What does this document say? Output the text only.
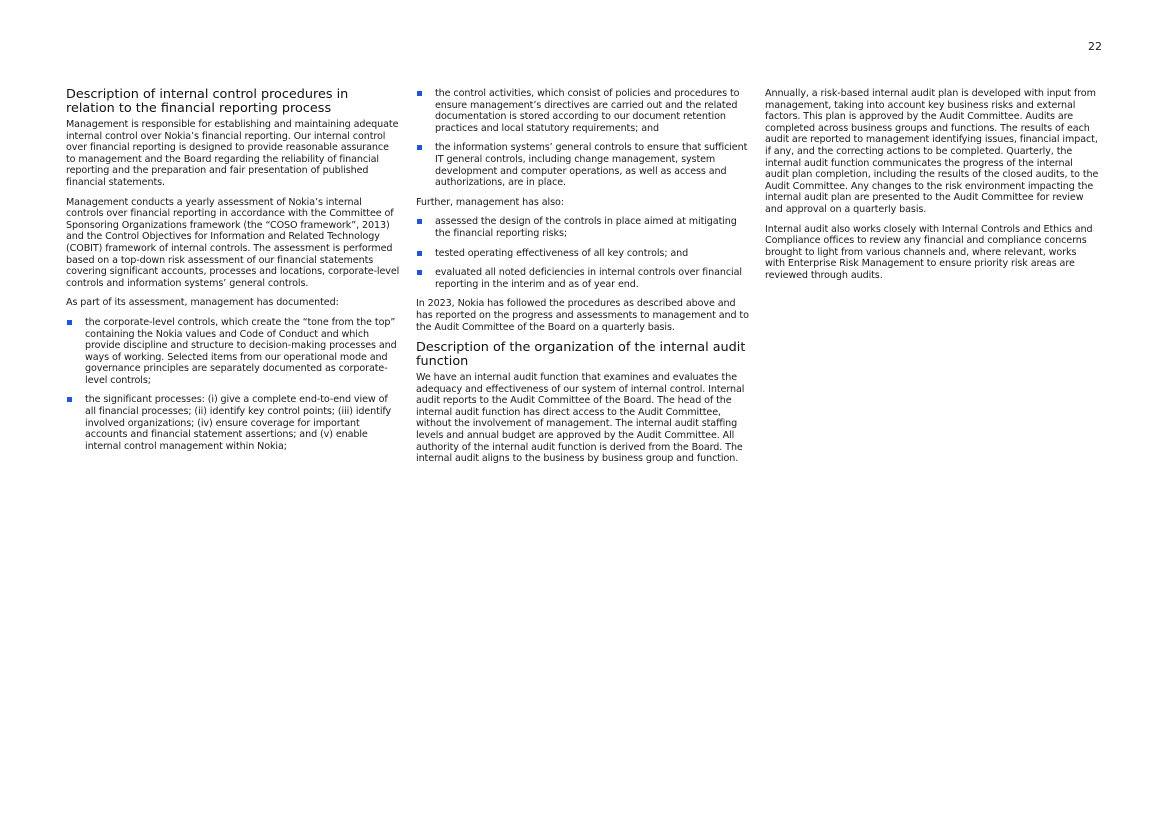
22
Description of internal control procedures in relation to the financial reporting process

Management is responsible for establishing and maintaining adequate internal control over Nokia’s financial reporting. Our internal control over financial reporting is designed to provide reasonable assurance to management and the Board regarding the reliability of financial reporting and the preparation and fair presentation of published financial statements.

Management conducts a yearly assessment of Nokia’s internal controls over financial reporting in accordance with the Committee of Sponsoring Organizations framework (the “COSO framework”, 2013) and the Control Objectives for Information and Related Technology (COBIT) framework of internal controls. The assessment is performed based on a top-down risk assessment of our financial statements covering significant accounts, processes and locations, corporate-level controls and information systems’ general controls.

As part of its assessment, management has documented:

the corporate-level controls, which create the “tone from the top” containing the Nokia values and Code of Conduct and which provide discipline and structure to decision-making processes and ways of working. Selected items from our operational mode and governance principles are separately documented as corporate-level controls;
the significant processes: (i) give a complete end-to-end view of all financial processes; (ii) identify key control points; (iii) identify involved organizations; (iv) ensure coverage for important accounts and financial statement assertions; and (v) enable internal control management within Nokia;
the control activities, which consist of policies and procedures to ensure management’s directives are carried out and the related documentation is stored according to our document retention practices and local statutory requirements; and
the information systems’ general controls to ensure that sufficient IT general controls, including change management, system development and computer operations, as well as access and authorizations, are in place.

Further, management has also:

assessed the design of the controls in place aimed at mitigating the financial reporting risks;
tested operating effectiveness of all key controls; and
evaluated all noted deficiencies in internal controls over financial reporting in the interim and as of year end.

In 2023, Nokia has followed the procedures as described above and has reported on the progress and assessments to management and to the Audit Committee of the Board on a quarterly basis.

Description of the organization of the internal audit function

We have an internal audit function that examines and evaluates the adequacy and effectiveness of our system of internal control. Internal audit reports to the Audit Committee of the Board. The head of the internal audit function has direct access to the Audit Committee, without the involvement of management. The internal audit staffing levels and annual budget are approved by the Audit Committee. All authority of the internal audit function is derived from the Board. The internal audit aligns to the business by business group and function.

Annually, a risk-based internal audit plan is developed with input from management, taking into account key business risks and external factors. This plan is approved by the Audit Committee. Audits are completed across business groups and functions. The results of each audit are reported to management identifying issues, financial impact, if any, and the correcting actions to be completed. Quarterly, the internal audit function communicates the progress of the internal audit plan completion, including the results of the closed audits, to the Audit Committee. Any changes to the risk environment impacting the internal audit plan are presented to the Audit Committee for review and approval on a quarterly basis.

Internal audit also works closely with Internal Controls and Ethics and Compliance offices to review any financial and compliance concerns brought to light from various channels and, where relevant, works with Enterprise Risk Management to ensure priority risk areas are reviewed through audits.
